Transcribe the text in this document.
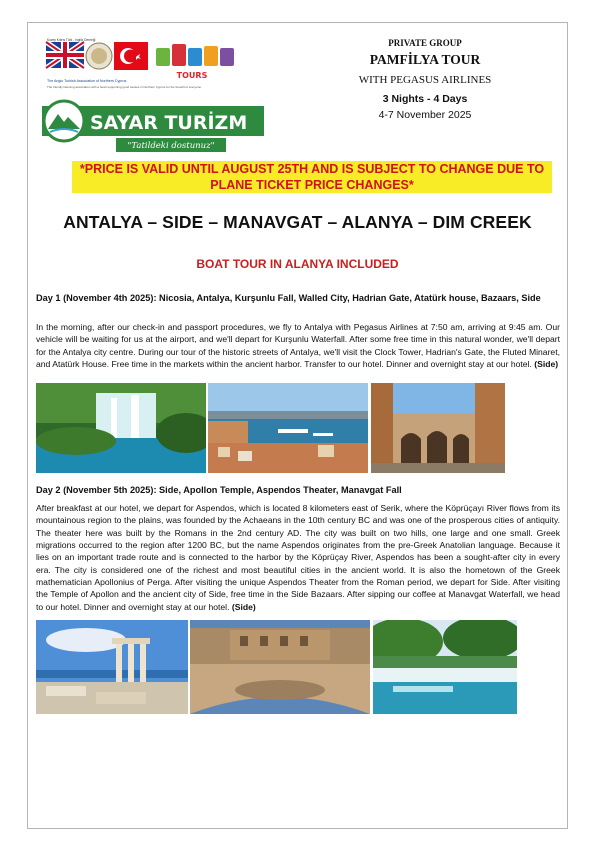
TOURS
The Anglo Turkish Association of Northern Cyprus
The friendly listening association with a heart supporting good causes in Northern Cyprus for the benefit of everyone
Kuzey Kıbrıs Türk - İngiliz Derneği
SAYAR TURİZM
"Tatildeki dostunuz"
PRIVATE GROUP
PAMFİLYA TOUR
WITH PEGASUS AIRLINES
3 Nights - 4 Days
4-7 November 2025
*PRICE IS VALID UNTIL AUGUST 25TH AND IS SUBJECT TO CHANGE DUE TO
PLANE TICKET PRICE CHANGES*
ANTALYA – SIDE – MANAVGAT – ALANYA – DIM CREEK
BOAT TOUR IN ALANYA INCLUDED
Day 1 (November 4th 2025): Nicosia, Antalya, Kurşunlu Fall, Walled City, Hadrian Gate, Atatürk house, Bazaars, Side
In the morning, after our check-in and passport procedures, we fly to Antalya with Pegasus Airlines at 7:50 am, arriving at 9:45 am. Our vehicle will be waiting for us at the airport, and we'll depart for Kurşunlu Waterfall. After some free time in this natural wonder, we'll depart for the Antalya city centre. During our tour of the historic streets of Antalya, we'll visit the Clock Tower, Hadrian's Gate, the Fluted Minaret, and Atatürk House. Free time in the markets within the ancient harbor. Transfer to our hotel. Dinner and overnight stay at our hotel. (Side)
Day 2 (November 5th 2025): Side, Apollon Temple, Aspendos Theater, Manavgat Fall
After breakfast at our hotel, we depart for Aspendos, which is located 8 kilometers east of Serik, where the Köprüçayı River flows from its mountainous region to the plains, was founded by the Achaeans in the 10th century BC and was one of the prosperous cities of antiquity. The theater here was built by the Romans in the 2nd century AD. The city was built on two hills, one large and one small. Greek migrations occurred to the region after 1200 BC, but the name Aspendos originates from the pre-Greek Anatolian language. Because it lies on an important trade route and is connected to the harbor by the Köprüçay River, Aspendos has been a sought-after city in every era. The city is considered one of the richest and most beautiful cities in the ancient world. It is also the hometown of the Greek mathematician Apollonius of Perga. After visiting the unique Aspendos Theater from the Roman period, we depart for Side. After visiting the Temple of Apollon and the ancient city of Side, free time in the Side Bazaars. After sipping our coffee at Manavgat Waterfall, we head to our hotel. Dinner and overnight stay at our hotel. (Side)
